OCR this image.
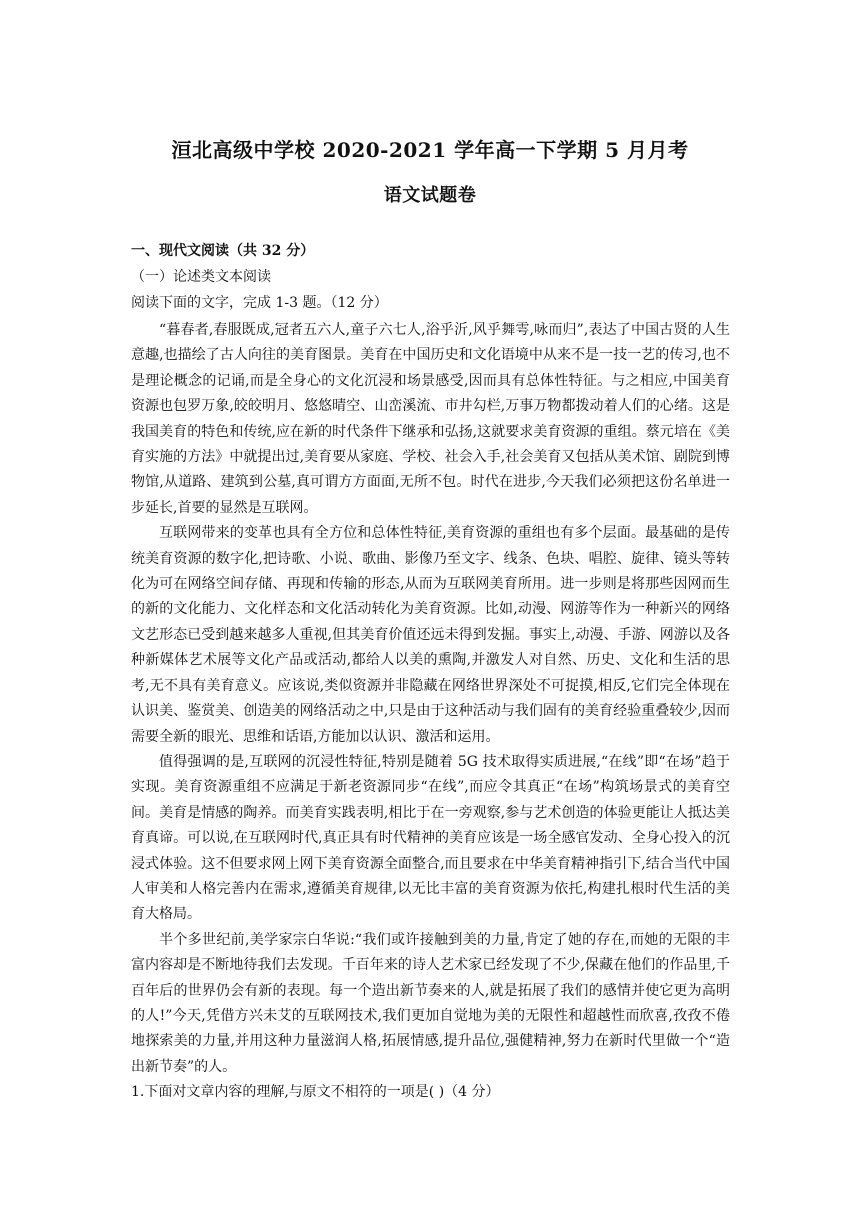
洹北高级中学校 2020-2021 学年高一下学期 5 月月考
语文试题卷
一、现代文阅读（共 32 分）
（一）论述类文本阅读
阅读下面的文字，完成 1-3 题。（12 分）

“暮春者,春服既成,冠者五六人,童子六七人,浴乎沂,风乎舞雩,咏而归”,表达了中国古贤的人生意趣,也描绘了古人向往的美育图景。美育在中国历史和文化语境中从来不是一技一艺的传习,也不是理论概念的记诵,而是全身心的文化沉浸和场景感受,因而具有总体性特征。与之相应,中国美育资源也包罗万象,皎皎明月、悠悠晴空、山峦溪流、市井勾栏,万事万物都拨动着人们的心绪。这是我国美育的特色和传统,应在新的时代条件下继承和弘扬,这就要求美育资源的重组。蔡元培在《美育实施的方法》中就提出过,美育要从家庭、学校、社会入手,社会美育又包括从美术馆、剧院到博物馆,从道路、建筑到公墓,真可谓方方面面,无所不包。时代在进步,今天我们必须把这份名单进一步延长,首要的显然是互联网。

互联网带来的变革也具有全方位和总体性特征,美育资源的重组也有多个层面。最基础的是传统美育资源的数字化,把诗歌、小说、歌曲、影像乃至文字、线条、色块、唱腔、旋律、镜头等转化为可在网络空间存储、再现和传输的形态,从而为互联网美育所用。进一步则是将那些因网而生的新的文化能力、文化样态和文化活动转化为美育资源。比如,动漫、网游等作为一种新兴的网络文艺形态已受到越来越多人重视,但其美育价值还远未得到发掘。事实上,动漫、手游、网游以及各种新媒体艺术展等文化产品或活动,都给人以美的熏陶,并激发人对自然、历史、文化和生活的思考,无不具有美育意义。应该说,类似资源并非隐藏在网络世界深处不可捉摸,相反,它们完全体现在认识美、鉴赏美、创造美的网络活动之中,只是由于这种活动与我们固有的美育经验重叠较少,因而需要全新的眼光、思维和话语,方能加以认识、激活和运用。

值得强调的是,互联网的沉浸性特征,特别是随着 5G 技术取得实质进展,“在线”即“在场”趋于实现。美育资源重组不应满足于新老资源同步“在线”,而应令其真正“在场”构筑场景式的美育空间。美育是情感的陶养。而美育实践表明,相比于在一旁观察,参与艺术创造的体验更能让人抵达美育真谛。可以说,在互联网时代,真正具有时代精神的美育应该是一场全感官发动、全身心投入的沉浸式体验。这不但要求网上网下美育资源全面整合,而且要求在中华美育精神指引下,结合当代中国人审美和人格完善内在需求,遵循美育规律,以无比丰富的美育资源为依托,构建扎根时代生活的美育大格局。

半个多世纪前,美学家宗白华说:“我们或许接触到美的力量,肯定了她的存在,而她的无限的丰富内容却是不断地待我们去发现。千百年来的诗人艺术家已经发现了不少,保藏在他们的作品里,千百年后的世界仍会有新的表现。每一个造出新节奏来的人,就是拓展了我们的感情并使它更为高明的人!”今天,凭借方兴未艾的互联网技术,我们更加自觉地为美的无限性和超越性而欣喜,孜孜不倦地探索美的力量,并用这种力量滋润人格,拓展情感,提升品位,强健精神,努力在新时代里做一个“造出新节奏”的人。

1.下面对文章内容的理解,与原文不相符的一项是( )（4 分）
